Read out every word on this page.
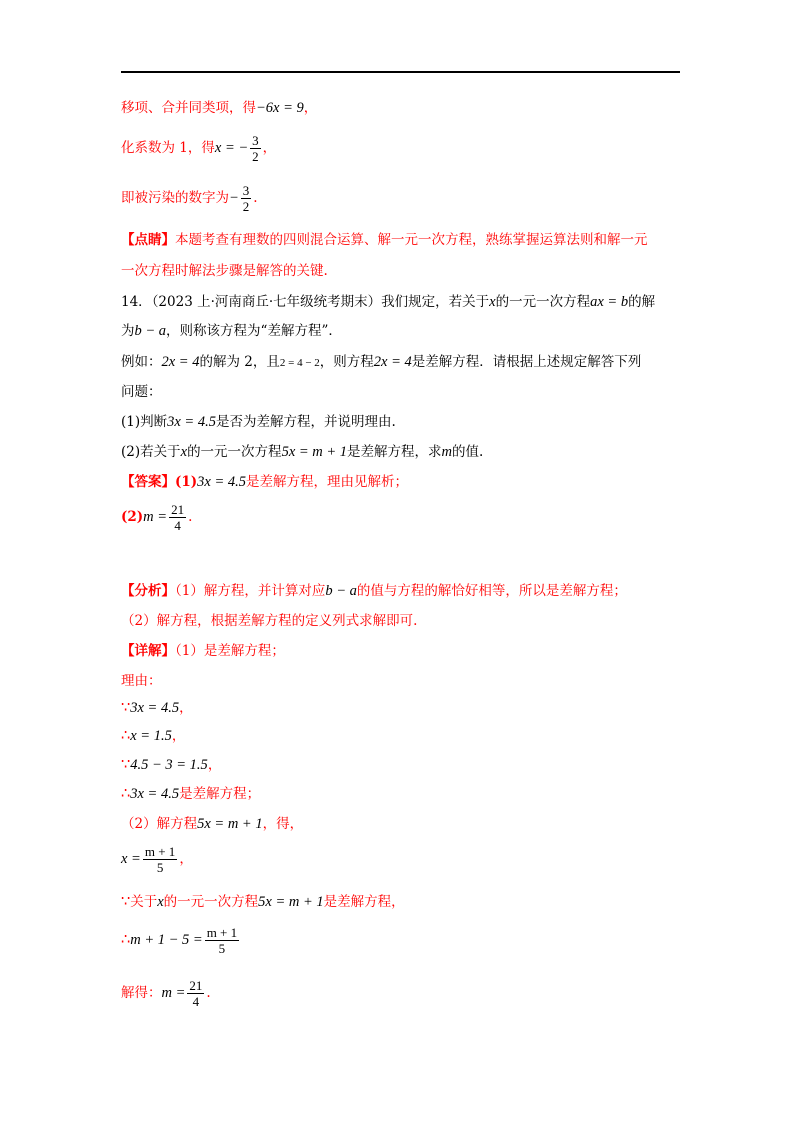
移项、合并同类项，得−6x = 9，
化系数为 1，得x = − $\frac{3}{2}$ ，
即被污染的数字为− $\frac{3}{2}$ .
【点睛】本题考查有理数的四则混合运算、解一元一次方程，熟练掌握运算法则和解一元
一次方程时解法步骤是解答的关键.
14．（2023 上·河南商丘·七年级统考期末）我们规定，若关于x的一元一次方程ax = b的解
为b − a，则称该方程为“差解方程”．
例如：2x = 4的解为 2，且2 = 4 − 2，则方程2x = 4是差解方程．请根据上述规定解答下列
问题：
(1)判断3x = 4.5是否为差解方程，并说明理由.
(2)若关于x的一元一次方程5x = m + 1是差解方程，求m的值.
【答案】(1)3x = 4.5是差解方程，理由见解析；
$(2)m = \frac{21}{4}$ .
【分析】（1）解方程，并计算对应b − a的值与方程的解恰好相等，所以是差解方程；
（2）解方程，根据差解方程的定义列式求解即可.
【详解】（1）是差解方程；
理由：
∵3x = 4.5，
∴x = 1.5，
∵4.5 − 3 = 1.5，
∴3x = 4.5是差解方程；
（2）解方程5x = m + 1，得，
$x = \frac{m + 1}{5}$ ，
∵关于x的一元一次方程5x = m + 1是差解方程，
∴m + $1 - 5 = \frac{m + 1}{5}$
解得：$m = \frac{21}{4}$ .
